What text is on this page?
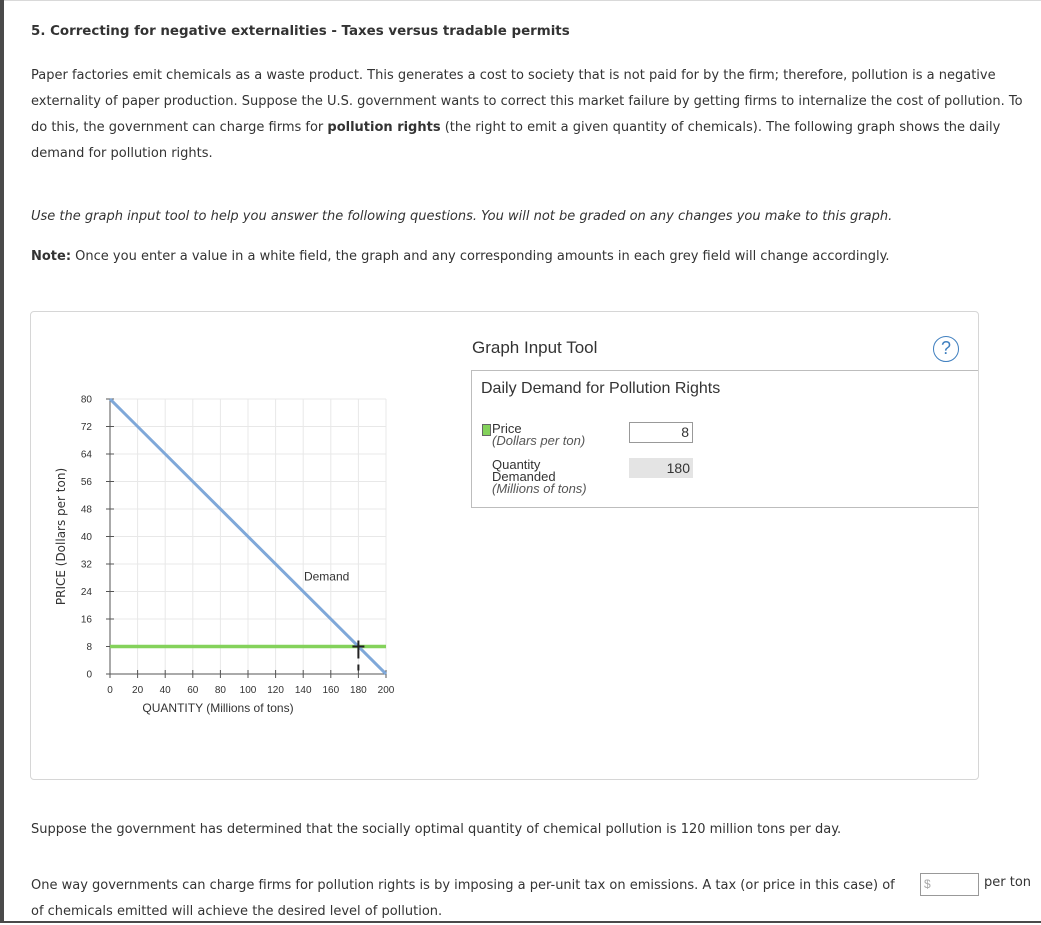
5. Correcting for negative externalities - Taxes versus tradable permits

Paper factories emit chemicals as a waste product. This generates a cost to society that is not paid for by the firm; therefore, pollution is a negative externality of paper production. Suppose the U.S. government wants to correct this market failure by getting firms to internalize the cost of pollution. To do this, the government can charge firms for pollution rights (the right to emit a given quantity of chemicals). The following graph shows the daily demand for pollution rights.

Use the graph input tool to help you answer the following questions. You will not be graded on any changes you make to this graph.

Note: Once you enter a value in a white field, the graph and any corresponding amounts in each grey field will change accordingly.

0
8
16
24
32
40
48
56
64
72
80
0 20 40 60 80 100 120 140 160 180 200
QUANTITY (Millions of tons)
PRICE (Dollars per ton)	Demand
Graph Input Tool	?
Daily Demand for Pollution Rights
Price
(Dollars per ton)
8
Quantity
Demanded
(Millions of tons)
180

Suppose the government has determined that the socially optimal quantity of chemical pollution is 120 million tons per day.

One way governments can charge firms for pollution rights is by imposing a per-unit tax on emissions. A tax (or price in this case) of
of chemicals emitted will achieve the desired level of pollution.

$	per ton
